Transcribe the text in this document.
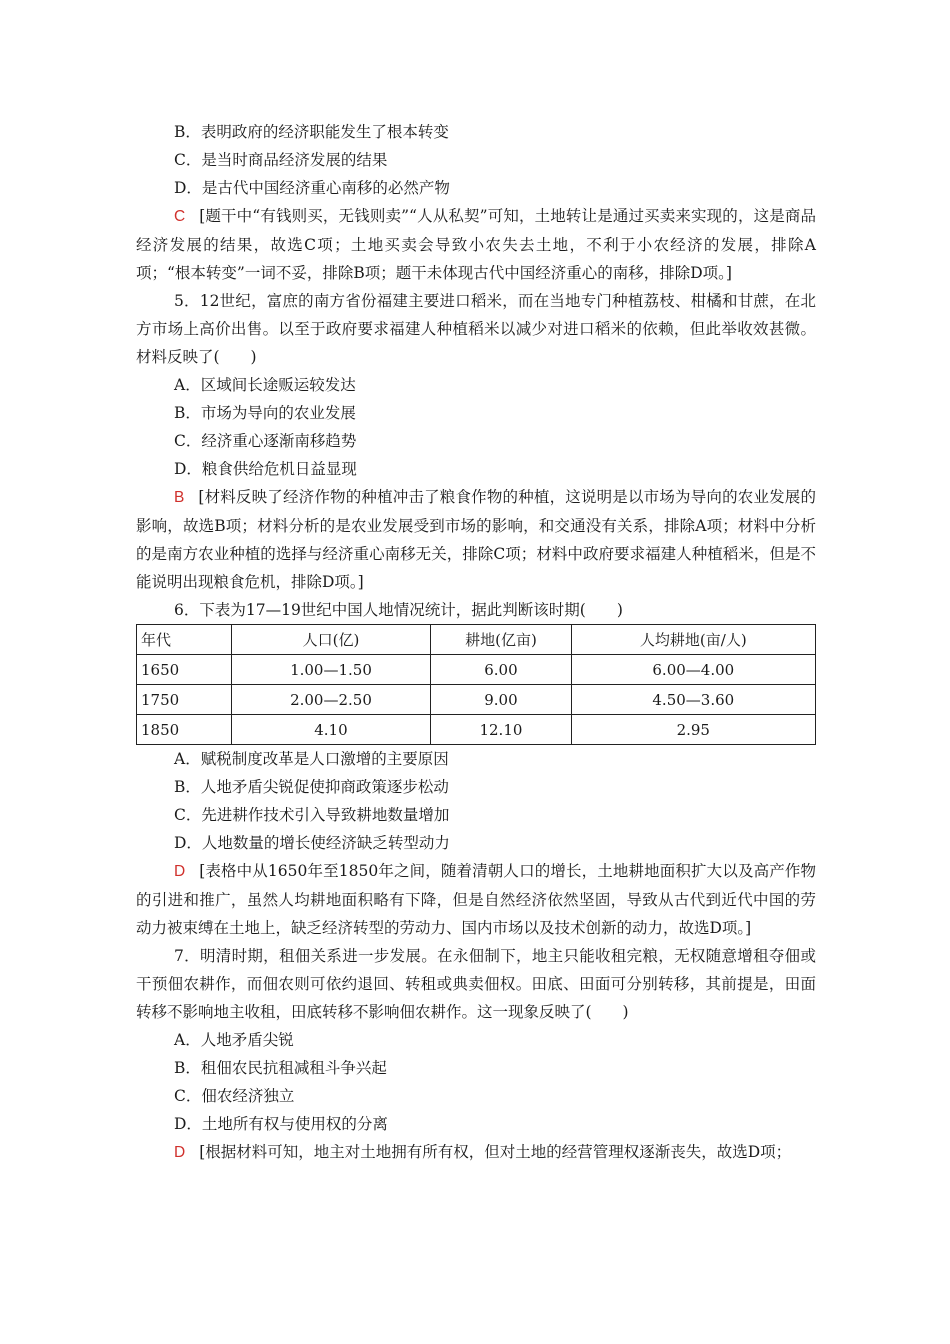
B．表明政府的经济职能发生了根本转变
C．是当时商品经济发展的结果
D．是古代中国经济重心南移的必然产物
C [题干中“有钱则买，无钱则卖”“人从私契”可知，土地转让是通过买卖来实现的，这是商品经济发展的结果，故选C项；土地买卖会导致小农失去土地，不利于小农经济的发展，排除A项；“根本转变”一词不妥，排除B项；题干未体现古代中国经济重心的南移，排除D项。]
5．12世纪，富庶的南方省份福建主要进口稻米，而在当地专门种植荔枝、柑橘和甘蔗，在北方市场上高价出售。以至于政府要求福建人种植稻米以减少对进口稻米的依赖，但此举收效甚微。材料反映了(　　)
A．区域间长途贩运较发达
B．市场为导向的农业发展
C．经济重心逐渐南移趋势
D．粮食供给危机日益显现
B [材料反映了经济作物的种植冲击了粮食作物的种植，这说明是以市场为导向的农业发展的影响，故选B项；材料分析的是农业发展受到市场的影响，和交通没有关系，排除A项；材料中分析的是南方农业种植的选择与经济重心南移无关，排除C项；材料中政府要求福建人种植稻米，但是不能说明出现粮食危机，排除D项。]
6．下表为17—19世纪中国人地情况统计，据此判断该时期(　　)
年代	人口(亿)	耕地(亿亩)	人均耕地(亩/人)
1650	1.00—1.50	6.00	6.00—4.00
1750	2.00—2.50	9.00	4.50—3.60
1850	4.10	12.10	2.95
A．赋税制度改革是人口激增的主要原因
B．人地矛盾尖锐促使抑商政策逐步松动
C．先进耕作技术引入导致耕地数量增加
D．人地数量的增长使经济缺乏转型动力
D [表格中从1650年至1850年之间，随着清朝人口的增长，土地耕地面积扩大以及高产作物的引进和推广，虽然人均耕地面积略有下降，但是自然经济依然坚固，导致从古代到近代中国的劳动力被束缚在土地上，缺乏经济转型的劳动力、国内市场以及技术创新的动力，故选D项。]
7．明清时期，租佃关系进一步发展。在永佃制下，地主只能收租完粮，无权随意增租夺佃或干预佃农耕作，而佃农则可依约退回、转租或典卖佃权。田底、田面可分别转移，其前提是，田面转移不影响地主收租，田底转移不影响佃农耕作。这一现象反映了(　　)
A．人地矛盾尖锐
B．租佃农民抗租减租斗争兴起
C．佃农经济独立
D．土地所有权与使用权的分离
D [根据材料可知，地主对土地拥有所有权，但对土地的经营管理权逐渐丧失，故选D项；
